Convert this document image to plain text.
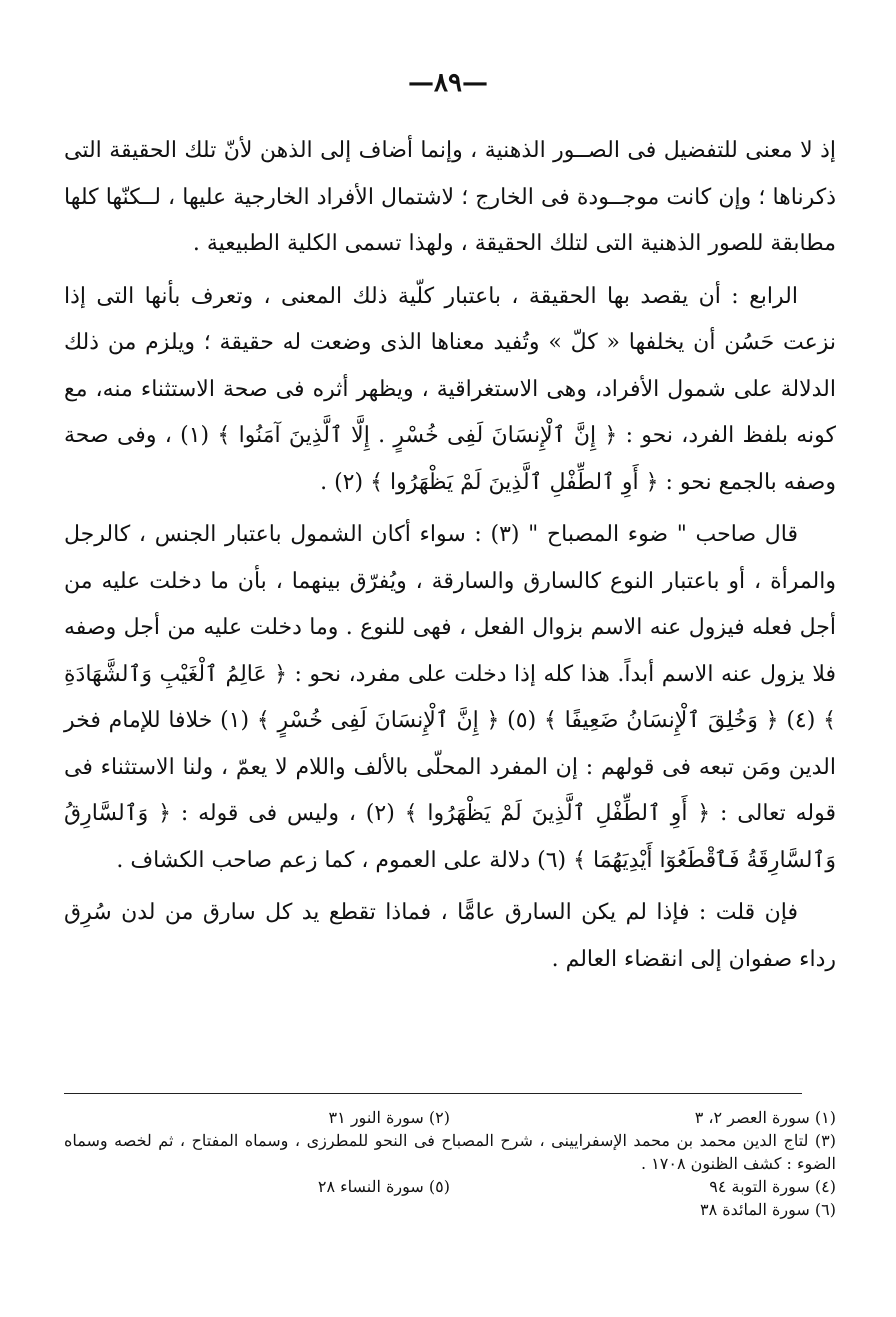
—٨٩—

إذ لا معنى للتفضيل فى الصــور الذهنية ، وإنما أضاف إلى الذهن لأنّ تلك الحقيقة التى ذكرناها ؛ وإن كانت موجــودة فى الخارج ؛ لاشتمال الأفراد الخارجية عليها ، لــكنّها كلها مطابقة للصور الذهنية التى لتلك الحقيقة ، ولهذا تسمى الكلية الطبيعية .

الرابع : أن يقصد بها الحقيقة ، باعتبار كلّية ذلك المعنى ، وتعرف بأنها التى إذا نزعت حَسُن أن يخلفها « كلّ » وتُفيد معناها الذى وضعت له حقيقة ؛ ويلزم من ذلك الدلالة على شمول الأفراد، وهى الاستغراقية ، ويظهر أثره فى صحة الاستثناء منه، مع كونه بلفظ الفرد، نحو : ﴿ إِنَّ ٱلْإِنسَانَ لَفِى خُسْرٍ . إِلَّا ٱلَّذِينَ آمَنُوا ﴾ (١) ، وفى صحة وصفه بالجمع نحو : ﴿ أَوِ ٱلطِّفْلِ ٱلَّذِينَ لَمْ يَظْهَرُوا ﴾ (٢) .

قال صاحب " ضوء المصباح " (٣) : سواء أكان الشمول باعتبار الجنس ، كالرجل والمرأة ، أو باعتبار النوع كالسارق والسارقة ، ويُفرّق بينهما ، بأن ما دخلت عليه من أجل فعله فيزول عنه الاسم بزوال الفعل ، فهى للنوع . وما دخلت عليه من أجل وصفه فلا يزول عنه الاسم أبداً. هذا كله إذا دخلت على مفرد، نحو : ﴿ عَالِمُ ٱلْغَيْبِ وَٱلشَّهَادَةِ ﴾ (٤) ﴿ وَخُلِقَ ٱلْإِنسَانُ ضَعِيفًا ﴾ (٥) ﴿ إِنَّ ٱلْإِنسَانَ لَفِى خُسْرٍ ﴾ (١) خلافا للإمام فخر الدين ومَن تبعه فى قولهم : إن المفرد المحلّى بالألف واللام لا يعمّ ، ولنا الاستثناء فى قوله تعالى : ﴿ أَوِ ٱلطِّفْلِ ٱلَّذِينَ لَمْ يَظْهَرُوا ﴾ (٢) ، وليس فى قوله : ﴿ وَٱلسَّارِقُ وَٱلسَّارِقَةُ فَٱقْطَعُوٓا أَيْدِيَهُمَا ﴾ (٦) دلالة على العموم ، كما زعم صاحب الكشاف .

فإن قلت : فإذا لم يكن السارق عامًّا ، فماذا تقطع يد كل سارق من لدن سُرِق رداء صفوان إلى انقضاء العالم .

(١) سورة العصر ٢، ٣
(٢) سورة النور ٣١
(٣) لتاج الدين محمد بن محمد الإسفرايينى ، شرح المصباح فى النحو للمطرزى ، وسماه المفتاح ، ثم لخصه وسماه الضوء : كشف الظنون ١٧٠٨ .
(٤) سورة التوبة ٩٤
(٥) سورة النساء ٢٨
(٦) سورة المائدة ٣٨
